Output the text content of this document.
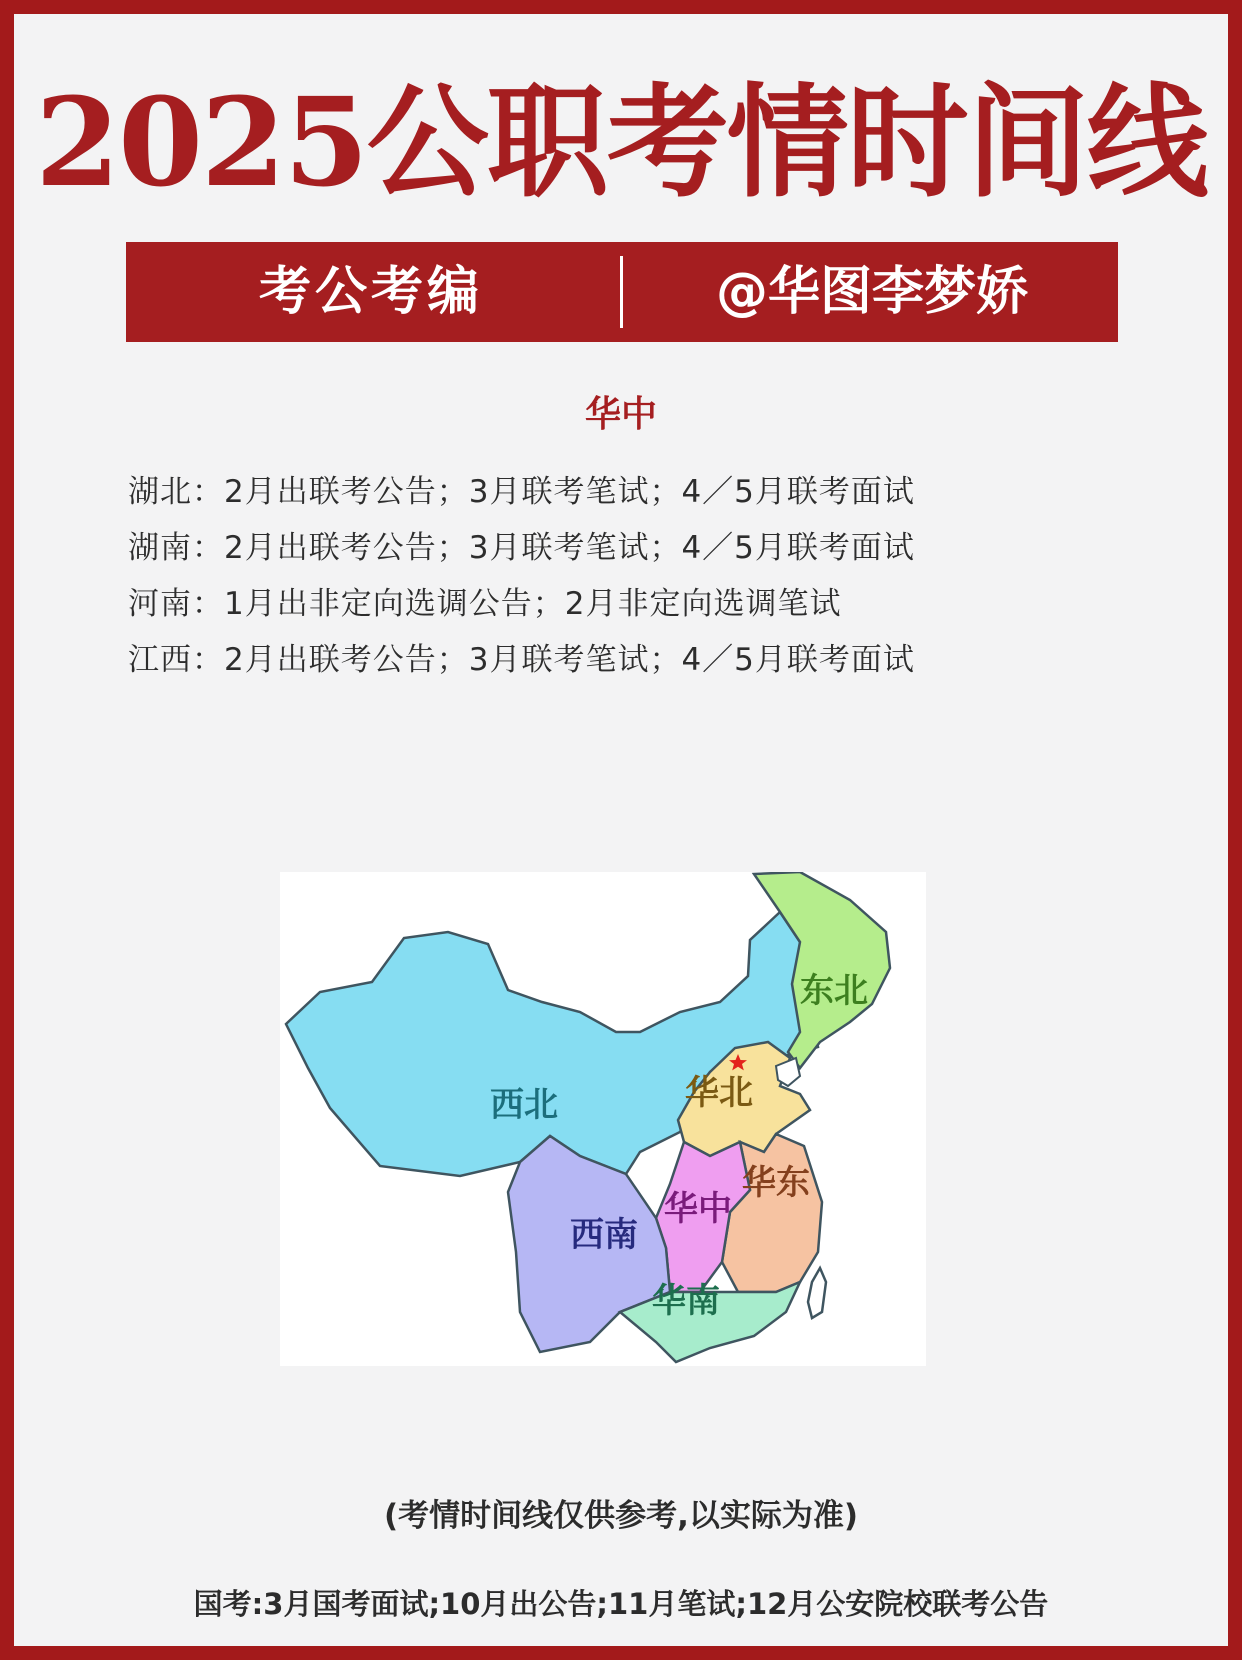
2025公职考情时间线
考公考编	@华图李梦娇
华中
湖北：2月出联考公告；3月联考笔试；4／5月联考面试
湖南：2月出联考公告；3月联考笔试；4／5月联考面试
河南：1月出非定向选调公告；2月非定向选调笔试
江西：2月出联考公告；3月联考笔试；4／5月联考面试
西北
东北
华北
华东
华中
西南
华南
(考情时间线仅供参考,以实际为准)
国考:3月国考面试;10月出公告;11月笔试;12月公安院校联考公告
